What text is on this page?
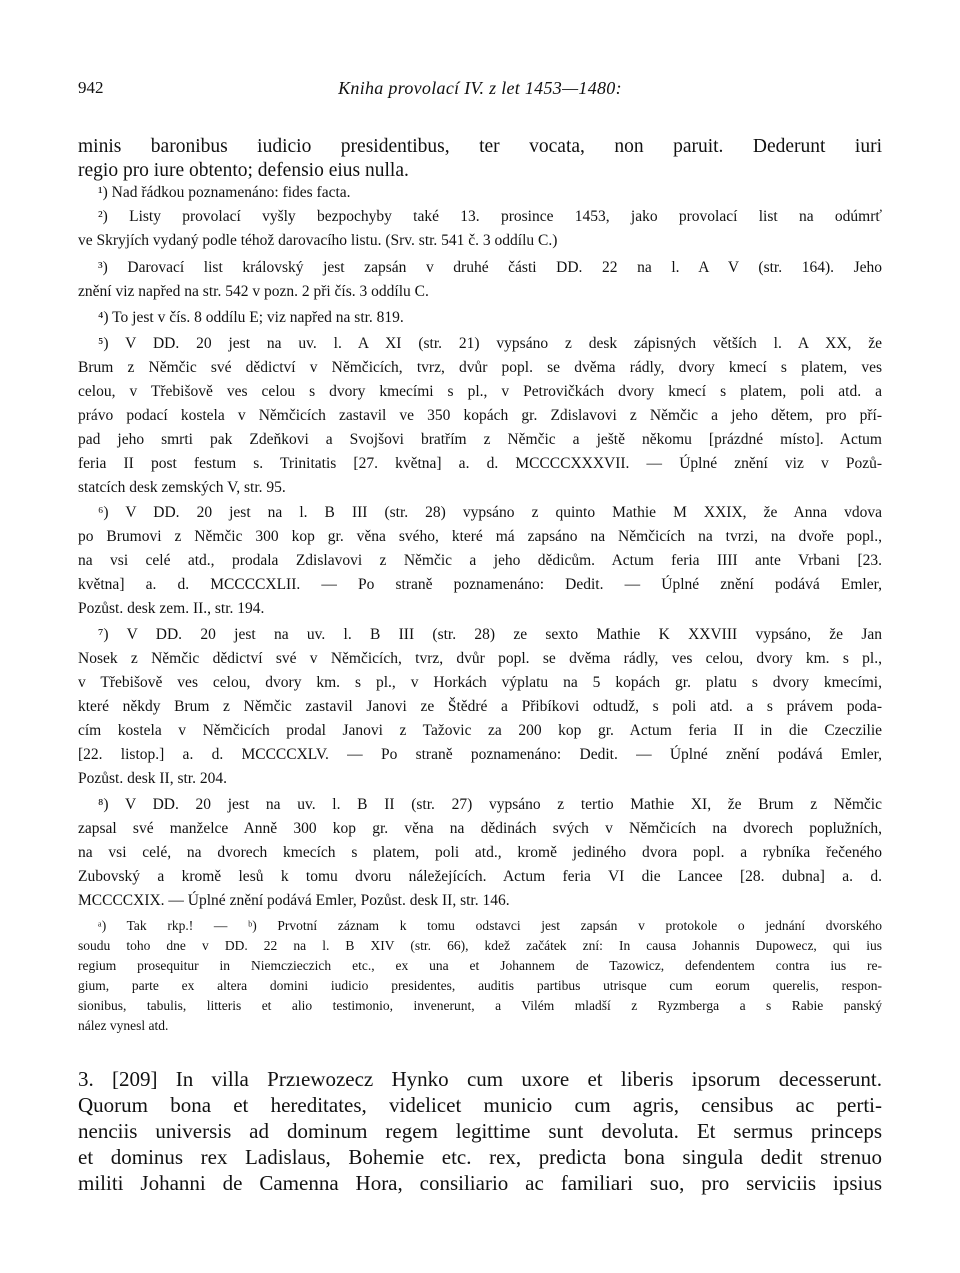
942	Kniha provolací IV. z let 1453—1480:
minis baronibus iudicio presidentibus, ter vocata, non paruit. Dederunt iuri
regio pro iure obtento; defensio eius nulla.
¹) Nad řádkou poznamenáno: fides facta.
²) Listy provolací vyšly bezpochyby také 13. prosince 1453, jako provolací list na odúmrť
ve Skryjích vydaný podle téhož darovacího listu. (Srv. str. 541 č. 3 oddílu C.)
³) Darovací list královský jest zapsán v druhé části DD. 22 na l. A V (str. 164). Jeho
znění viz napřed na str. 542 v pozn. 2 při čís. 3 oddílu C.
⁴) To jest v čís. 8 oddílu E; viz napřed na str. 819.
⁵) V DD. 20 jest na uv. l. A XI (str. 21) vypsáno z desk zápisných větších l. A XX, že
Brum z Němčic své dědictví v Němčicích, tvrz, dvůr popl. se dvěma rádly, dvory kmecí s platem, ves
celou, v Třebišově ves celou s dvory kmecími s pl., v Petrovičkách dvory kmecí s platem, poli atd. a
právo podací kostela v Němčicích zastavil ve 350 kopách gr. Zdislavovi z Němčic a jeho dětem, pro pří-
pad jeho smrti pak Zdeňkovi a Svojšovi bratřím z Němčic a ještě někomu [prázdné místo]. Actum
feria II post festum s. Trinitatis [27. května] a. d. MCCCCXXXVII. — Úplné znění viz v Pozů-
statcích desk zemských V, str. 95.
⁶) V DD. 20 jest na l. B III (str. 28) vypsáno z quinto Mathie M XXIX, že Anna vdova
po Brumovi z Němčic 300 kop gr. věna svého, které má zapsáno na Němčicích na tvrzi, na dvoře popl.,
na vsi celé atd., prodala Zdislavovi z Němčic a jeho dědicům. Actum feria IIII ante Vrbani [23.
května] a. d. MCCCCXLII. — Po straně poznamenáno: Dedit. — Úplné znění podává Emler,
Pozůst. desk zem. II., str. 194.
⁷) V DD. 20 jest na uv. l. B III (str. 28) ze sexto Mathie K XXVIII vypsáno, že Jan
Nosek z Němčic dědictví své v Němčicích, tvrz, dvůr popl. se dvěma rádly, ves celou, dvory km. s pl.,
v Třebišově ves celou, dvory km. s pl., v Horkách výplatu na 5 kopách gr. platu s dvory kmecími,
které někdy Brum z Němčic zastavil Janovi ze Štědré a Přibíkovi odtudž, s poli atd. a s právem poda-
cím kostela v Němčicích prodal Janovi z Tažovic za 200 kop gr. Actum feria II in die Czeczilie
[22. listop.] a. d. MCCCCXLV. — Po straně poznamenáno: Dedit. — Úplné znění podává Emler,
Pozůst. desk II, str. 204.
⁸) V DD. 20 jest na uv. l. B II (str. 27) vypsáno z tertio Mathie XI, že Brum z Němčic
zapsal své manželce Anně 300 kop gr. věna na dědinách svých v Němčicích na dvorech poplužních,
na vsi celé, na dvorech kmecích s platem, poli atd., kromě jediného dvora popl. a rybníka řečeného
Zubovský a kromě lesů k tomu dvoru náležejících. Actum feria VI die Lancee [28. dubna] a. d.
MCCCCXIX. — Úplné znění podává Emler, Pozůst. desk II, str. 146.
ᵃ) Tak rkp.! — ᵇ) Prvotní záznam k tomu odstavci jest zapsán v protokole o jednání dvorského
soudu toho dne v DD. 22 na l. B XIV (str. 66), kdež začátek zní: In causa Johannis Dupowecz, qui ius
regium prosequitur in Niemczieczich etc., ex una et Johannem de Tazowicz, defendentem contra ius re-
gium, parte ex altera domini iudicio presidentes, auditis partibus utrisque cum eorum querelis, respon-
sionibus, tabulis, litteris et alio testimonio, invenerunt, a Vilém mladší z Ryzmberga a s Rabie panský
nález vynesl atd.
3. [209] In villa Przıewozecz Hynko cum uxore et liberis ipsorum decesserunt.
Quorum bona et hereditates, videlicet municio cum agris, censibus ac perti-
nenciis universis ad dominum regem legittime sunt devoluta. Et sermus princeps
et dominus rex Ladislaus, Bohemie etc. rex, predicta bona singula dedit strenuo
militi Johanni de Camenna Hora, consiliario ac familiari suo, pro serviciis ipsius
